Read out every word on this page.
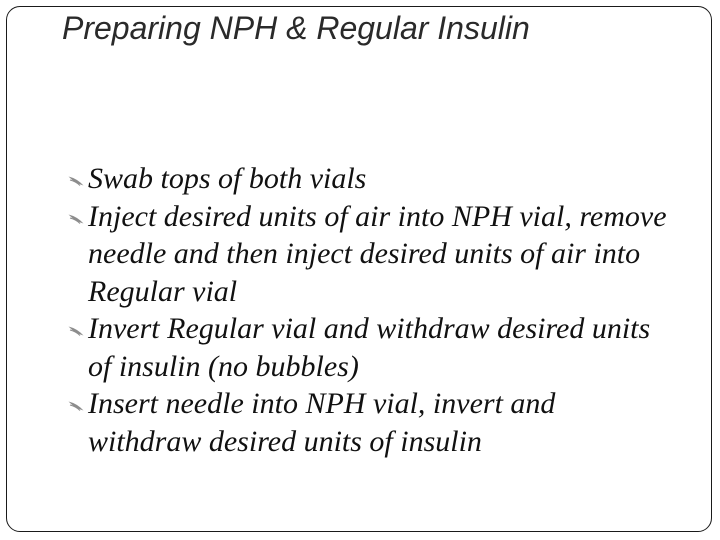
Preparing NPH & Regular Insulin
Swab tops of both vials
Inject desired units of air into NPH vial, remove needle and then inject desired units of air into Regular vial
Invert Regular vial and withdraw desired units of insulin (no bubbles)
Insert needle into NPH vial, invert and withdraw desired units of insulin
